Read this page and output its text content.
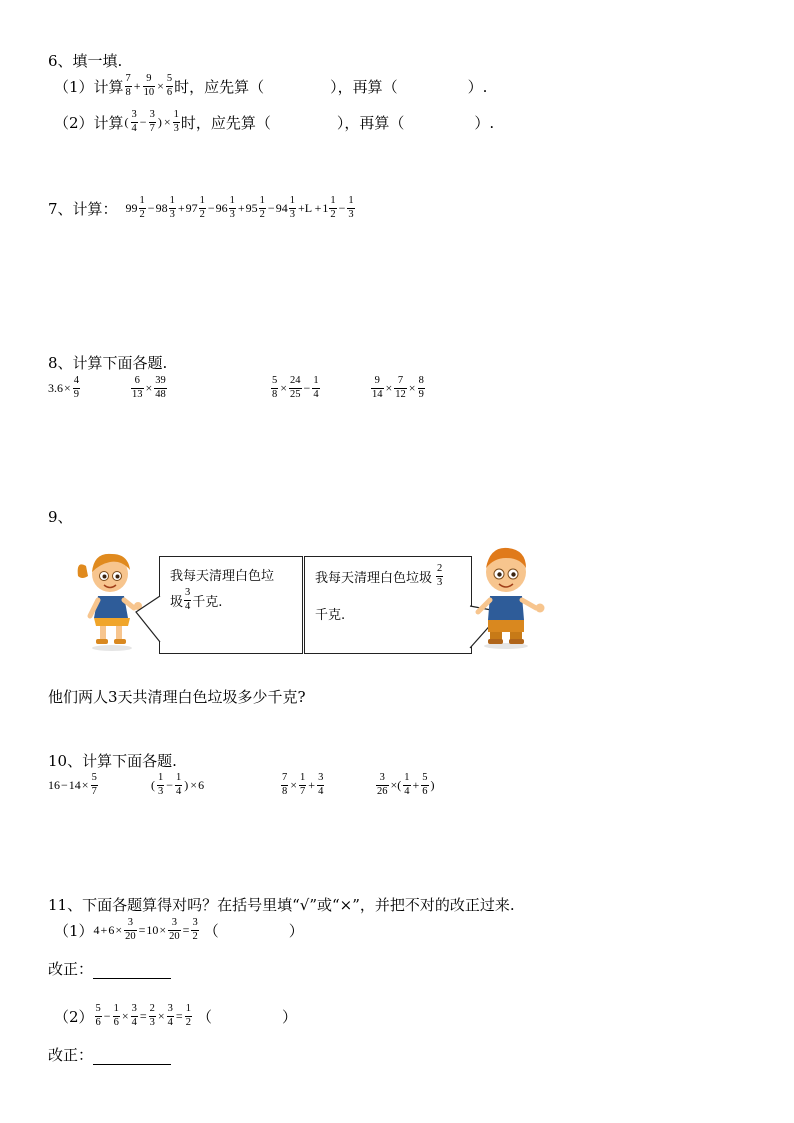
6、填一填.
（1）计算 $\frac{7}{8} + \frac{9}{10} \times \frac{5}{6}$ 时，应先算（	），再算（	）.
（2）计算 ( $\frac{3}{4} - \frac{3}{7}$ ) × $\frac{1}{3}$ 时，应先算（	），再算（	）.
7、计算： $99 \frac{1}{2} - 98 \frac{1}{3} + 97 \frac{1}{2} - 96 \frac{1}{3} + 95 \frac{1}{2} - 94 \frac{1}{3} +L + 1 \frac{1}{2} - \frac{1}{3}$
8、计算下面各题.
$3.6 \times \frac{4}{9}$	$\frac{6}{13} \times \frac{39}{48}$	$\frac{5}{8} \times \frac{24}{25} - \frac{1}{4}$	$\frac{9}{14} \times \frac{7}{12} \times \frac{8}{9}$
9、
我每天清理白色垃
圾 $\frac{3}{4}$ 千克.
我每天清理白色垃圾 $\frac{2}{3}$
千克.
他们两人3天共清理白色垃圾多少千克?
10、计算下面各题.
$16 - 14 \times \frac{5}{7}$	( $\frac{1}{3} - \frac{1}{4}$ ) × 6	$\frac{7}{8} \times \frac{1}{7} + \frac{3}{4}$	$\frac{3}{26}$ ×( $\frac{1}{4} + \frac{5}{6}$ )
11、下面各题算得对吗？在括号里填“√”或“×”，并把不对的改正过来.
（1） $4 + 6 \times \frac{3}{20} = 10 \times \frac{3}{20} = \frac{3}{2}$ （	）
改正：
$(2) \frac{5}{6} - \frac{1}{6} \times \frac{3}{4} = \frac{2}{3} \times \frac{3}{4} = \frac{1}{2}$ （	）
改正：
